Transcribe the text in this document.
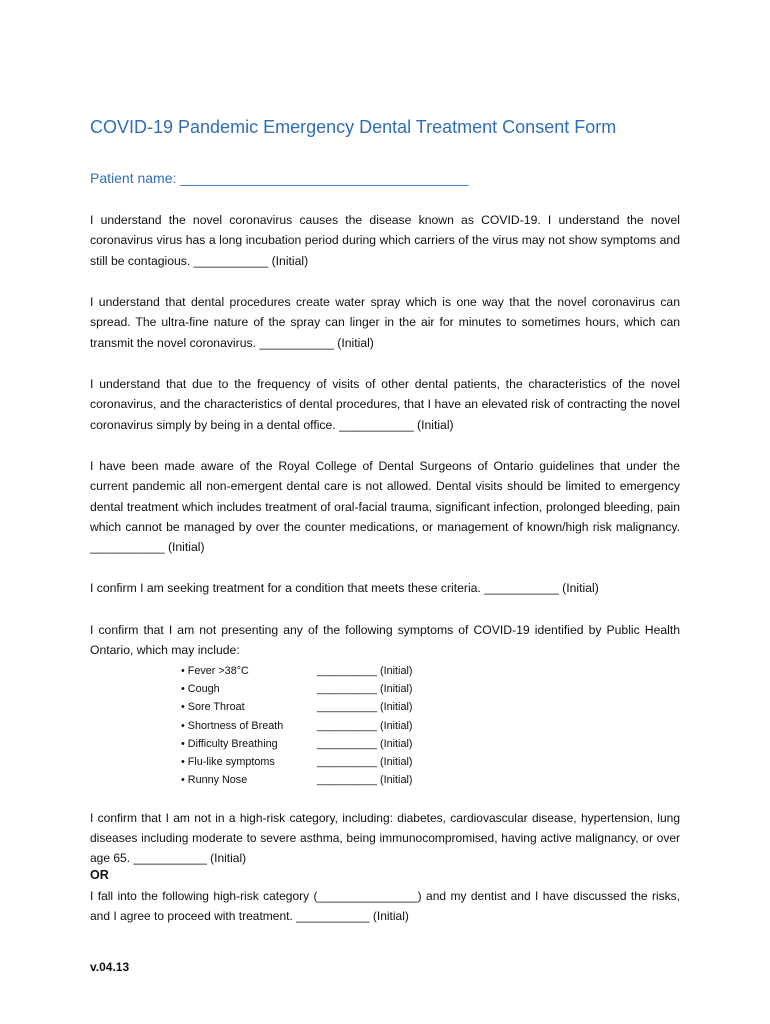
COVID-19 Pandemic Emergency Dental Treatment Consent Form
Patient name: _____________________________________
I understand the novel coronavirus causes the disease known as COVID-19. I understand the novel coronavirus virus has a long incubation period during which carriers of the virus may not show symptoms and still be contagious. ___________ (Initial)
I understand that dental procedures create water spray which is one way that the novel coronavirus can spread. The ultra-fine nature of the spray can linger in the air for minutes to sometimes hours, which can transmit the novel coronavirus. ___________ (Initial)
I understand that due to the frequency of visits of other dental patients, the characteristics of the novel coronavirus, and the characteristics of dental procedures, that I have an elevated risk of contracting the novel coronavirus simply by being in a dental office. ___________ (Initial)
I have been made aware of the Royal College of Dental Surgeons of Ontario guidelines that under the current pandemic all non-emergent dental care is not allowed. Dental visits should be limited to emergency dental treatment which includes treatment of oral-facial trauma, significant infection, prolonged bleeding, pain which cannot be managed by over the counter medications, or management of known/high risk malignancy. ___________ (Initial)
I confirm I am seeking treatment for a condition that meets these criteria. ___________ (Initial)
I confirm that I am not presenting any of the following symptoms of COVID-19 identified by Public Health Ontario, which may include:
• Fever >38°C	__________ (Initial)
• Cough	__________ (Initial)
• Sore Throat	__________ (Initial)
• Shortness of Breath	__________ (Initial)
• Difficulty Breathing	__________ (Initial)
• Flu-like symptoms	__________ (Initial)
• Runny Nose	__________ (Initial)
I confirm that I am not in a high-risk category, including: diabetes, cardiovascular disease, hypertension, lung diseases including moderate to severe asthma, being immunocompromised, having active malignancy, or over age 65. ___________ (Initial)
OR
I fall into the following high-risk category (_______________) and my dentist and I have discussed the risks, and I agree to proceed with treatment. ___________ (Initial)
v.04.13
